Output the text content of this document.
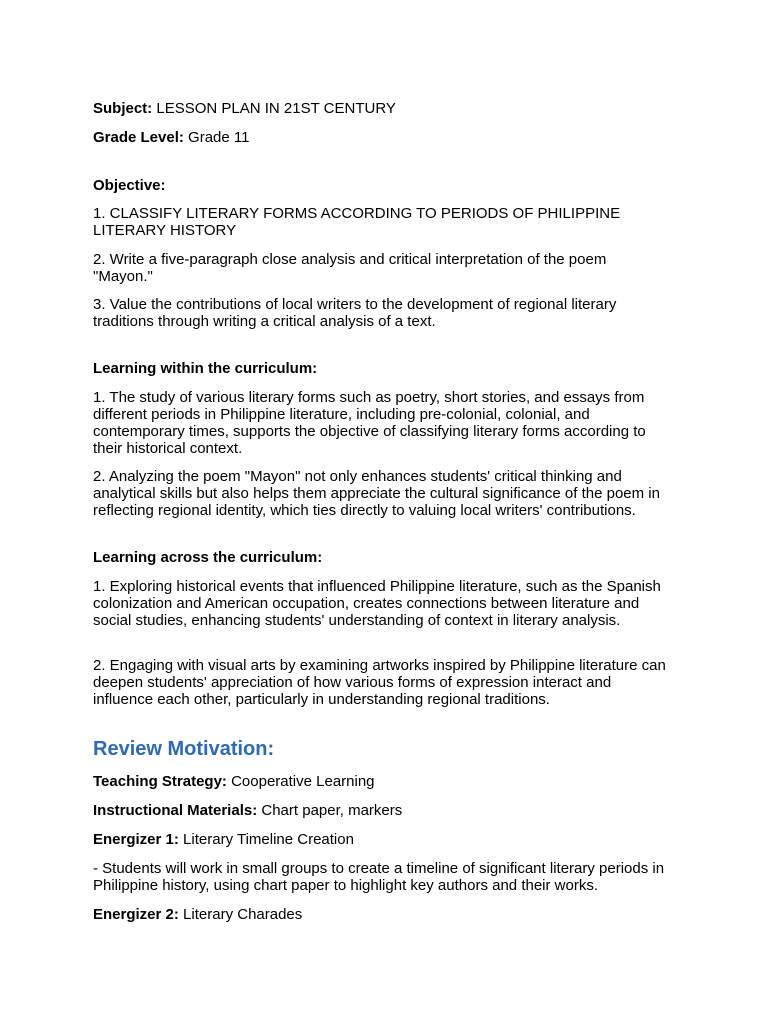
Subject: LESSON PLAN IN 21ST CENTURY

Grade Level: Grade 11

Objective:

1. CLASSIFY LITERARY FORMS ACCORDING TO PERIODS OF PHILIPPINE LITERARY HISTORY

2. Write a five-paragraph close analysis and critical interpretation of the poem "Mayon."

3. Value the contributions of local writers to the development of regional literary traditions through writing a critical analysis of a text.

Learning within the curriculum:

1. The study of various literary forms such as poetry, short stories, and essays from different periods in Philippine literature, including pre-colonial, colonial, and contemporary times, supports the objective of classifying literary forms according to their historical context.

2. Analyzing the poem "Mayon" not only enhances students' critical thinking and analytical skills but also helps them appreciate the cultural significance of the poem in reflecting regional identity, which ties directly to valuing local writers' contributions.

Learning across the curriculum:

1. Exploring historical events that influenced Philippine literature, such as the Spanish colonization and American occupation, creates connections between literature and social studies, enhancing students' understanding of context in literary analysis.

2. Engaging with visual arts by examining artworks inspired by Philippine literature can deepen students' appreciation of how various forms of expression interact and influence each other, particularly in understanding regional traditions.

Review Motivation:

Teaching Strategy: Cooperative Learning

Instructional Materials: Chart paper, markers

Energizer 1: Literary Timeline Creation

- Students will work in small groups to create a timeline of significant literary periods in Philippine history, using chart paper to highlight key authors and their works.

Energizer 2: Literary Charades
